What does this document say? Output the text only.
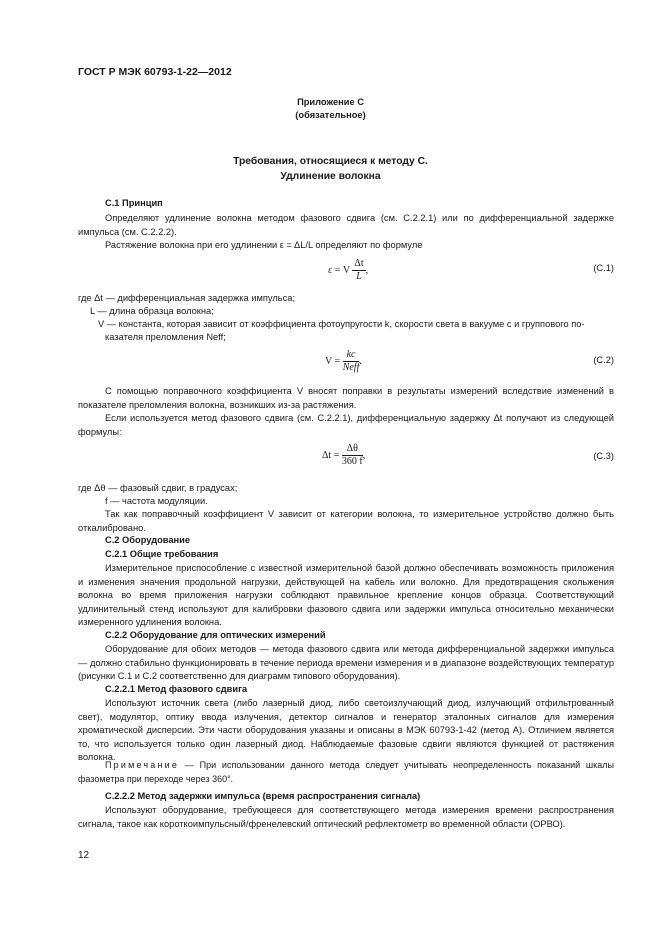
ГОСТ Р МЭК 60793-1-22—2012

Приложение С

(обязательное)

Требования, относящиеся к методу С.

Удлинение волокна

С.1 Принцип

Определяют удлинение волокна методом фазового сдвига (см. С.2.2.1) или по дифференциальной задержке импульса (см. С.2.2.2).

Растяжение волокна при его удлинении ε = ΔL/L определяют по формуле

ε = V $\frac{\Delta t}{L}$ ,	(С.1)

где Δt — дифференциальная задержка импульса;

L — длина образца волокна;

V — константа, которая зависит от коэффициента фотоупругости k, скорости света в вакууме c и группового по-

казателя преломления Neff;

$V = \frac{kc}{\text{Neff}}$ .	(С.2)

С помощью поправочного коэффициента V вносят поправки в результаты измерений вследствие изменений в показателе преломления волокна, возникших из-за растяжения.

Если используется метод фазового сдвига (см. С.2.2.1), дифференциальную задержку Δt получают из следующей формулы:

$\Delta t = \frac{\Delta\theta}{360 f}$ ,	(С.3)

где Δθ — фазовый сдвиг, в градусах;

f — частота модуляции.

Так как поправочный коэффициент V зависит от категории волокна, то измерительное устройство должно быть откалибровано.

С.2 Оборудование

С.2.1 Общие требования

Измерительное приспособление с известной измерительной базой должно обеспечивать возможность приложения и изменения значения продольной нагрузки, действующей на кабель или волокно. Для предотвращения скольжения волокна во время приложения нагрузки соблюдают правильное крепление концов образца. Соответствующий удлинительный стенд используют для калибровки фазового сдвига или задержки импульса относительно механически измеренного удлинения волокна.

С.2.2 Оборудование для оптических измерений

Оборудование для обоих методов — метода фазового сдвига или метода дифференциальной задержки импульса — должно стабильно функционировать в течение периода времени измерения и в диапазоне воздействующих температур (рисунки С.1 и С.2 соответственно для диаграмм типового оборудования).

С.2.2.1 Метод фазового сдвига

Используют источник света (либо лазерный диод, либо светоизлучающий диод, излучающий отфильтрованный свет), модулятор, оптику ввода излучения, детектор сигналов и генератор эталонных сигналов для измерения хроматической дисперсии. Эти части оборудования указаны и описаны в МЭК 60793-1-42 (метод А). Отличием является то, что используется только один лазерный диод. Наблюдаемые фазовые сдвиги являются функцией от растяжения волокна.

Примечание — При использовании данного метода следует учитывать неопределенность показаний шкалы фазометра при переходе через 360°.

С.2.2.2 Метод задержки импульса (время распространения сигнала)

Используют оборудование, требующееся для соответствующего метода измерения времени распространения сигнала, такое как короткоимпульсный/френелевский оптический рефлектометр во временной области (OРВО).

12
